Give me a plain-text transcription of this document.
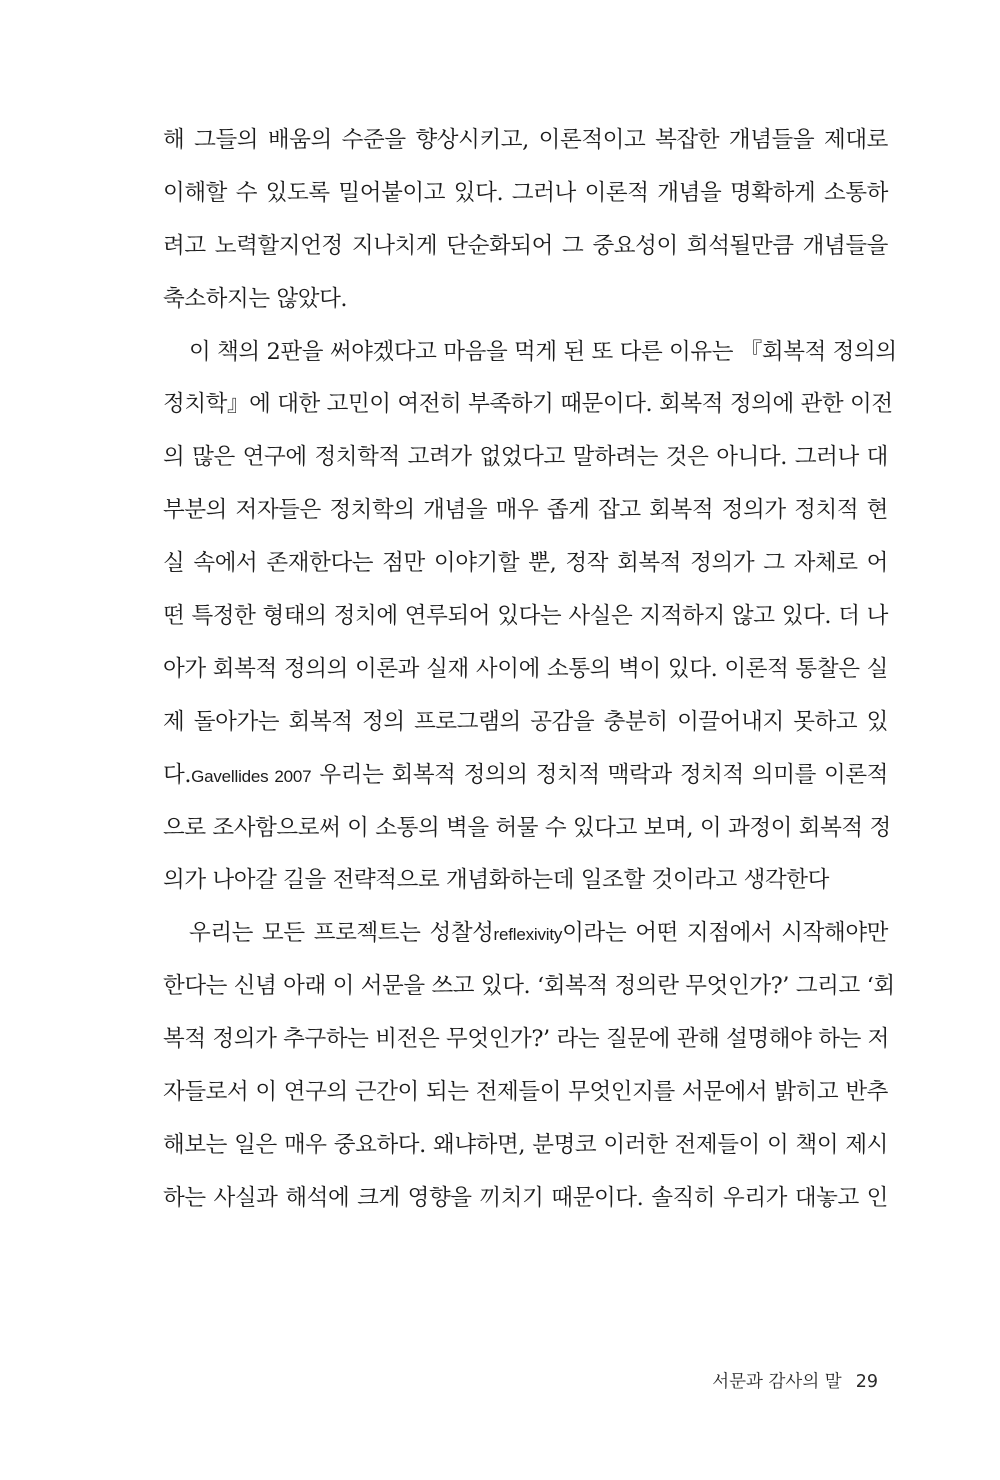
해 그들의 배움의 수준을 향상시키고, 이론적이고 복잡한 개념들을 제대로
이해할 수 있도록 밀어붙이고 있다. 그러나 이론적 개념을 명확하게 소통하
려고 노력할지언정 지나치게 단순화되어 그 중요성이 희석될만큼 개념들을
축소하지는 않았다.
이 책의 2판을 써야겠다고 마음을 먹게 된 또 다른 이유는 『회복적 정의의
정치학』에 대한 고민이 여전히 부족하기 때문이다. 회복적 정의에 관한 이전
의 많은 연구에 정치학적 고려가 없었다고 말하려는 것은 아니다. 그러나 대
부분의 저자들은 정치학의 개념을 매우 좁게 잡고 회복적 정의가 정치적 현
실 속에서 존재한다는 점만 이야기할 뿐, 정작 회복적 정의가 그 자체로 어
떤 특정한 형태의 정치에 연루되어 있다는 사실은 지적하지 않고 있다. 더 나
아가 회복적 정의의 이론과 실재 사이에 소통의 벽이 있다. 이론적 통찰은 실
제 돌아가는 회복적 정의 프로그램의 공감을 충분히 이끌어내지 못하고 있
다.Gavellides 2007 우리는 회복적 정의의 정치적 맥락과 정치적 의미를 이론적
으로 조사함으로써 이 소통의 벽을 허물 수 있다고 보며, 이 과정이 회복적 정
의가 나아갈 길을 전략적으로 개념화하는데 일조할 것이라고 생각한다
우리는 모든 프로젝트는 성찰성reflexivity이라는 어떤 지점에서 시작해야만
한다는 신념 아래 이 서문을 쓰고 있다. ‘회복적 정의란 무엇인가?’ 그리고 ‘회
복적 정의가 추구하는 비전은 무엇인가?’ 라는 질문에 관해 설명해야 하는 저
자들로서 이 연구의 근간이 되는 전제들이 무엇인지를 서문에서 밝히고 반추
해보는 일은 매우 중요하다. 왜냐하면, 분명코 이러한 전제들이 이 책이 제시
하는 사실과 해석에 크게 영향을 끼치기 때문이다. 솔직히 우리가 대놓고 인
서문과 감사의 말 29
